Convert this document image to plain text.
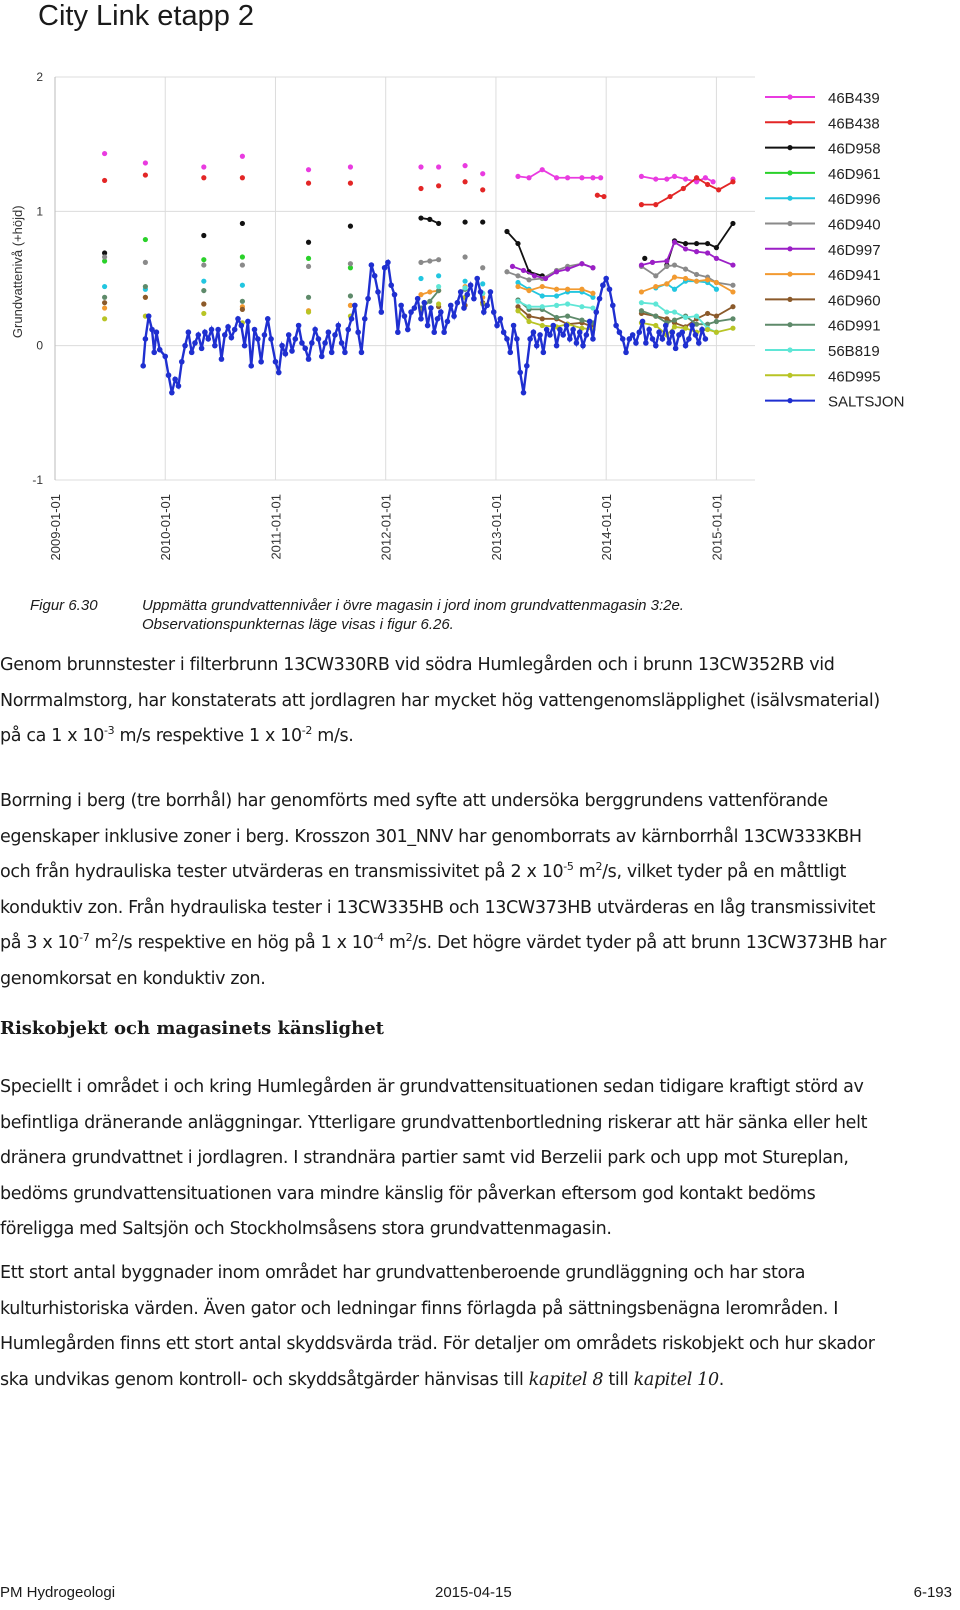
City Link etapp 2
2
1
0
-1
2009-01-01	2010-01-01	2011-01-01	2012-01-01	2013-01-01	2014-01-01	2015-01-01
Grundvattenivå (+höjd)
46B439
46B438
46D958
46D961
46D996
46D940
46D997
46D941
46D960
46D991
56B819
46D995
SALTSJON
Figur 6.30	Uppmätta grundvattennivåer i övre magasin i jord inom grundvattenmagasin 3:2e.
Observationspunkternas läge visas i figur 6.26.
Genom brunnstester i filterbrunn 13CW330RB vid södra Humlegården och i brunn 13CW352RB vid
Norrmalmstorg, har konstaterats att jordlagren har mycket hög vattengenomsläpplighet (isälvsmaterial)
på ca 1 x $10^{-3}$ m/s respektive 1 x $10^{-2}$ m/s.
Borrning i berg (tre borrhål) har genomförts med syfte att undersöka berggrundens vattenförande
egenskaper inklusive zoner i berg. Krosszon 301_NNV har genomborrats av kärnborrhål 13CW333KBH
och från hydrauliska tester utvärderas en transmissivitet på 2 x $10^{-5}$ $m^2/s$, vilket tyder på en måttligt
konduktiv zon. Från hydrauliska tester i 13CW335HB och 13CW373HB utvärderas en låg transmissivitet
på 3 x $10^{-7}$ $m^2/s$ respektive en hög på 1 x $10^{-4}$ $m^2/s$. Det högre värdet tyder på att brunn 13CW373HB har
genomkorsat en konduktiv zon.
Riskobjekt och magasinets känslighet
Speciellt i området i och kring Humlegården är grundvattensituationen sedan tidigare kraftigt störd av
befintliga dränerande anläggningar. Ytterligare grundvattenbortledning riskerar att här sänka eller helt
dränera grundvattnet i jordlagren. I strandnära partier samt vid Berzelii park och upp mot Stureplan,
bedöms grundvattensituationen vara mindre känslig för påverkan eftersom god kontakt bedöms
föreligga med Saltsjön och Stockholmsåsens stora grundvattenmagasin.
Ett stort antal byggnader inom området har grundvattenberoende grundläggning och har stora
kulturhistoriska värden. Även gator och ledningar finns förlagda på sättningsbenägna lerområden. I
Humlegården finns ett stort antal skyddsvärda träd. För detaljer om områdets riskobjekt och hur skador
ska undvikas genom kontroll- och skyddsåtgärder hänvisas till kapitel 8 till kapitel 10.
PM Hydrogeologi	2015-04-15	6-193
